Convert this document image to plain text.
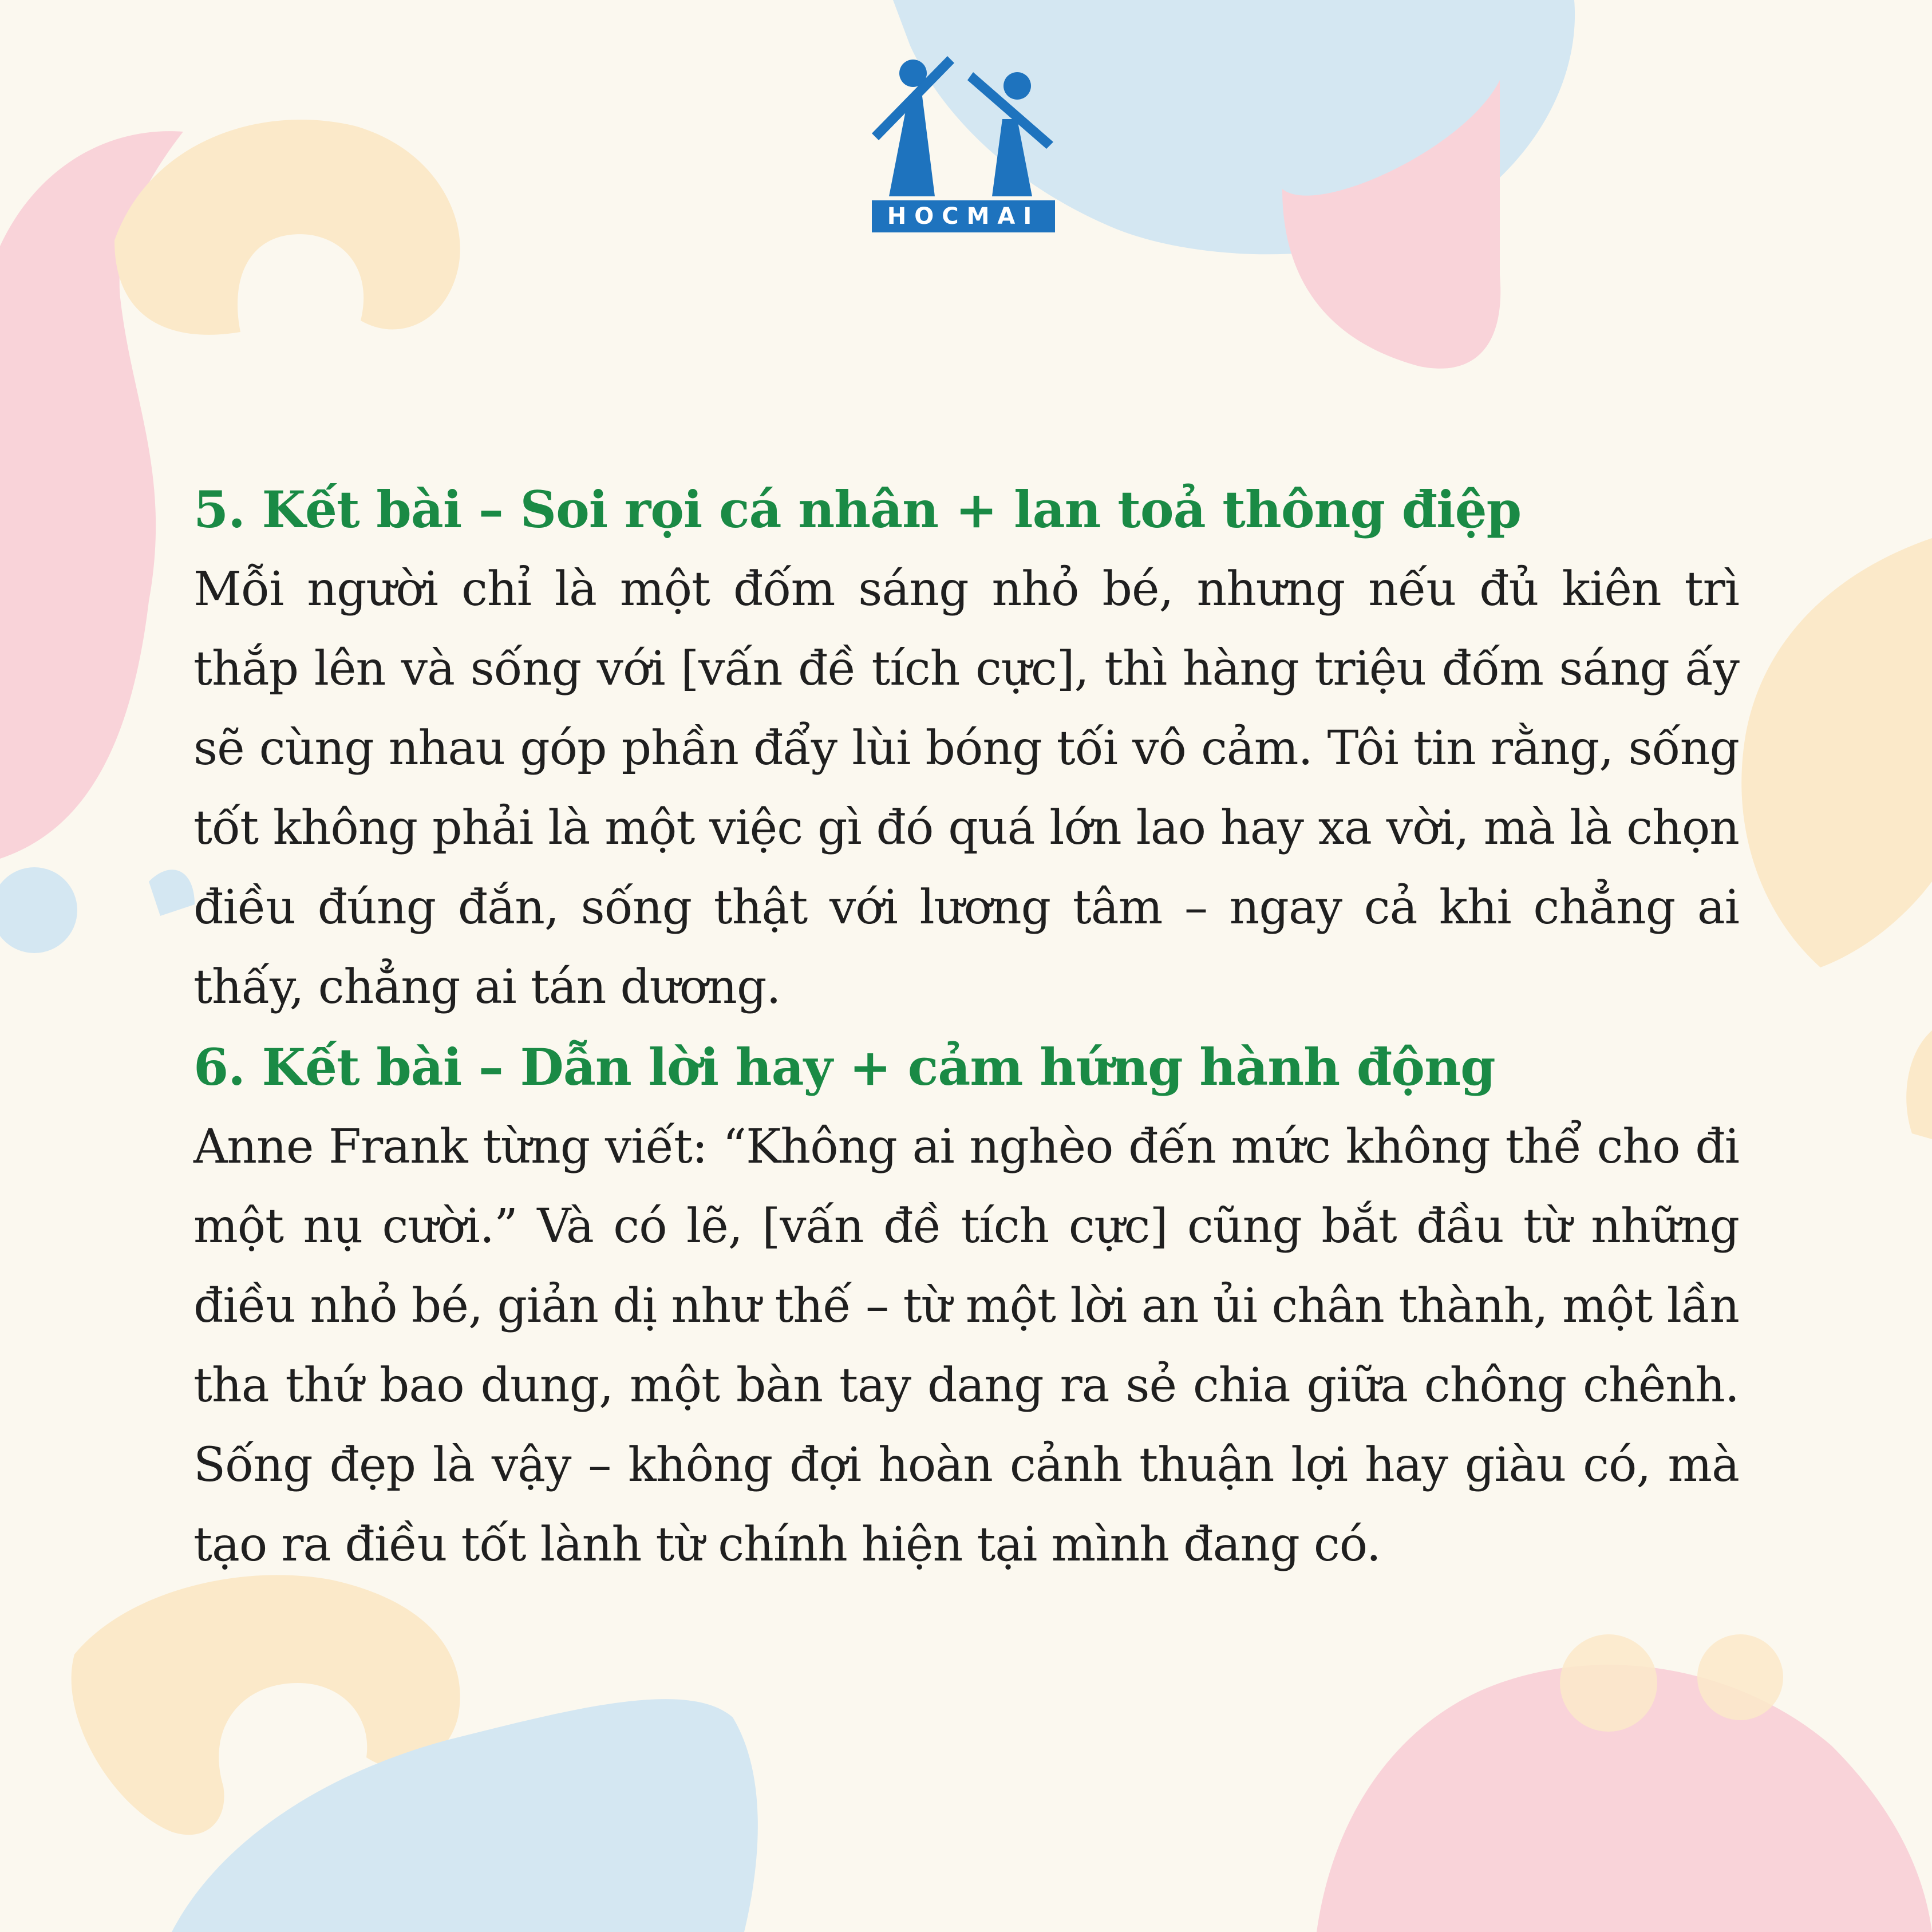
HOCMAI
5. Kết bài – Soi rọi cá nhân + lan toả thông điệp

Mỗi người chỉ là một đốm sáng nhỏ bé, nhưng nếu đủ kiên trì thắp lên và sống với [vấn đề tích cực], thì hàng triệu đốm sáng ấy sẽ cùng nhau góp phần đẩy lùi bóng tối vô cảm. Tôi tin rằng, sống tốt không phải là một việc gì đó quá lớn lao hay xa vời, mà là chọn điều đúng đắn, sống thật với lương tâm – ngay cả khi chẳng ai thấy, chẳng ai tán dương.

6. Kết bài – Dẫn lời hay + cảm hứng hành động

Anne Frank từng viết: “Không ai nghèo đến mức không thể cho đi một nụ cười.” Và có lẽ, [vấn đề tích cực] cũng bắt đầu từ những điều nhỏ bé, giản dị như thế – từ một lời an ủi chân thành, một lần tha thứ bao dung, một bàn tay dang ra sẻ chia giữa chông chênh. Sống đẹp là vậy – không đợi hoàn cảnh thuận lợi hay giàu có, mà tạo ra điều tốt lành từ chính hiện tại mình đang có.
